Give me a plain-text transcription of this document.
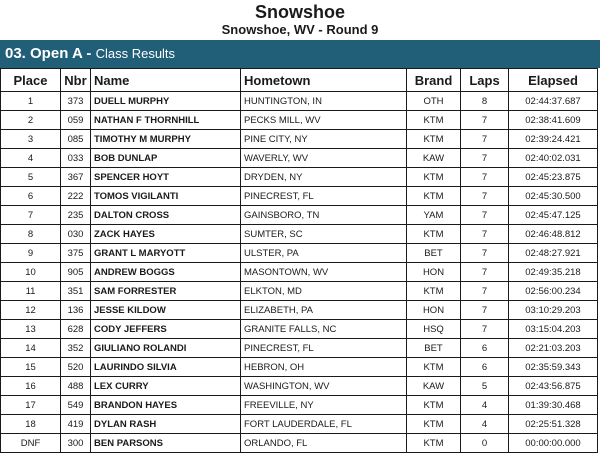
Snowshoe
Snowshoe, WV - Round 9
03. Open A - Class Results
Place	Nbr	Name	Hometown	Brand	Laps	Elapsed
1	373	DUELL MURPHY	HUNTINGTON, IN	OTH	8	02:44:37.687
2	059	NATHAN F THORNHILL	PECKS MILL, WV	KTM	7	02:38:41.609
3	085	TIMOTHY M MURPHY	PINE CITY, NY	KTM	7	02:39:24.421
4	033	BOB DUNLAP	WAVERLY, WV	KAW	7	02:40:02.031
5	367	SPENCER HOYT	DRYDEN, NY	KTM	7	02:45:23.875
6	222	TOMOS VIGILANTI	PINECREST, FL	KTM	7	02:45:30.500
7	235	DALTON CROSS	GAINSBORO, TN	YAM	7	02:45:47.125
8	030	ZACK HAYES	SUMTER, SC	KTM	7	02:46:48.812
9	375	GRANT L MARYOTT	ULSTER, PA	BET	7	02:48:27.921
10	905	ANDREW BOGGS	MASONTOWN, WV	HON	7	02:49:35.218
11	351	SAM FORRESTER	ELKTON, MD	KTM	7	02:56:00.234
12	136	JESSE KILDOW	ELIZABETH, PA	HON	7	03:10:29.203
13	628	CODY JEFFERS	GRANITE FALLS, NC	HSQ	7	03:15:04.203
14	352	GIULIANO ROLANDI	PINECREST, FL	BET	6	02:21:03.203
15	520	LAURINDO SILVIA	HEBRON, OH	KTM	6	02:35:59.343
16	488	LEX CURRY	WASHINGTON, WV	KAW	5	02:43:56.875
17	549	BRANDON HAYES	FREEVILLE, NY	KTM	4	01:39:30.468
18	419	DYLAN RASH	FORT LAUDERDALE, FL	KTM	4	02:25:51.328
DNF	300	BEN PARSONS	ORLANDO, FL	KTM	0	00:00:00.000
